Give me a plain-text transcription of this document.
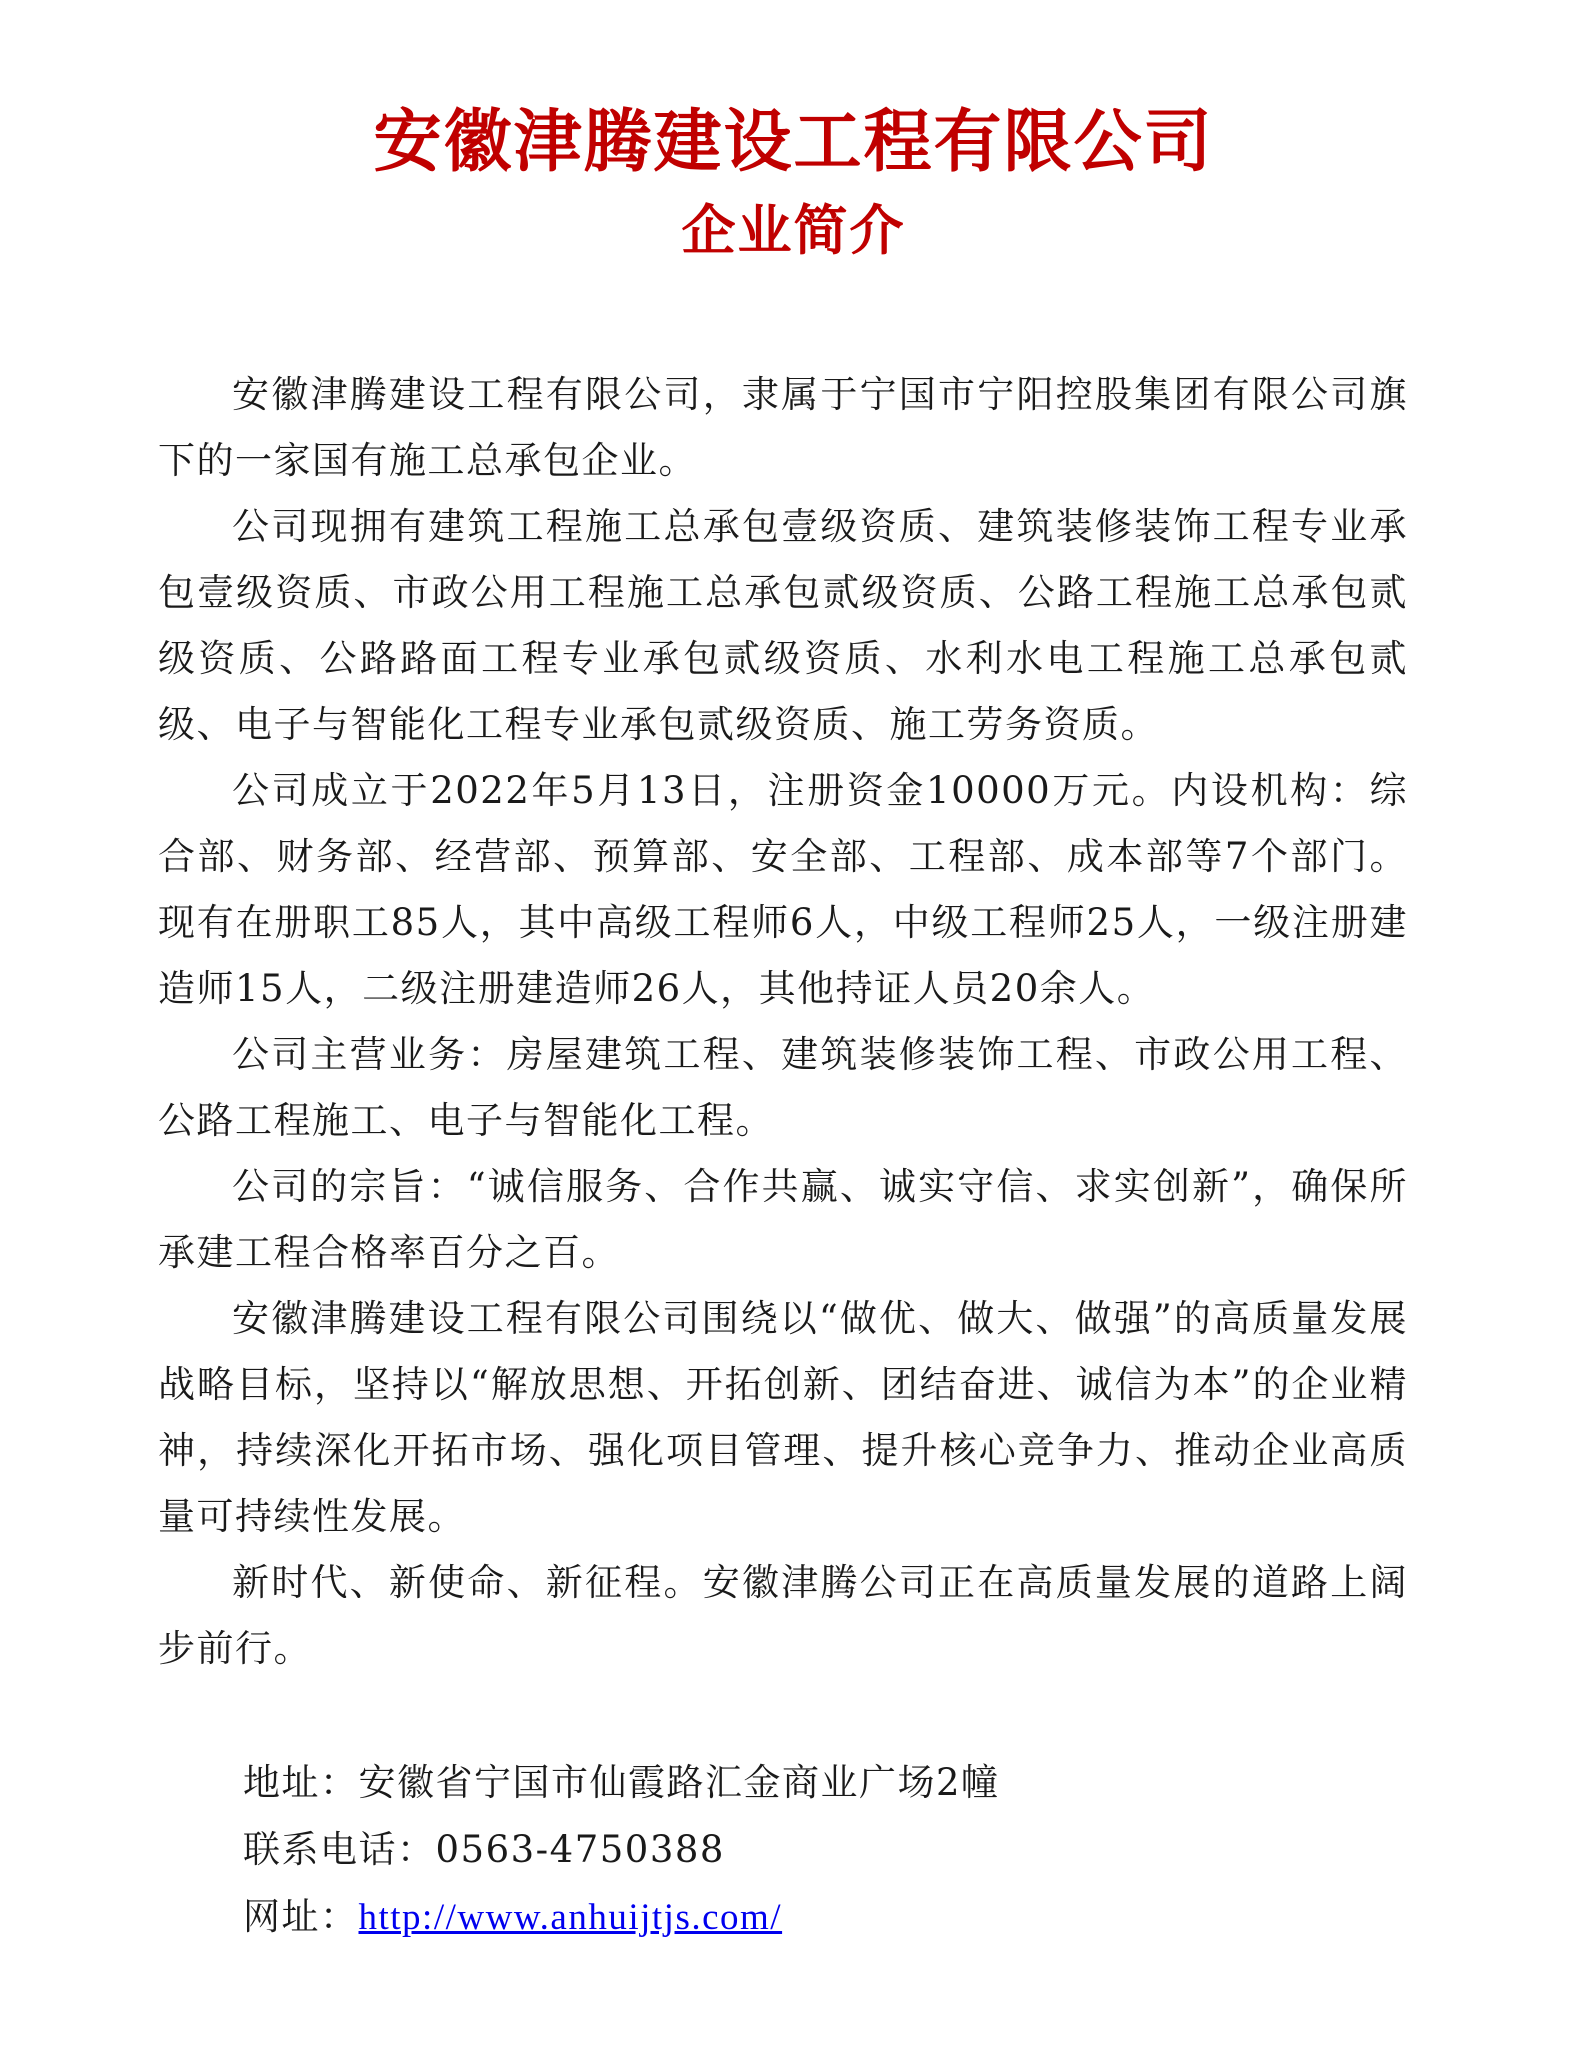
安徽津腾建设工程有限公司
企业简介

安徽津腾建设工程有限公司，隶属于宁国市宁阳控股集团有限公司旗下的一家国有施工总承包企业。

公司现拥有建筑工程施工总承包壹级资质、建筑装修装饰工程专业承包壹级资质、市政公用工程施工总承包贰级资质、公路工程施工总承包贰级资质、公路路面工程专业承包贰级资质、水利水电工程施工总承包贰级、电子与智能化工程专业承包贰级资质、施工劳务资质。

公司成立于2022年5月13日，注册资金10000万元。内设机构：综合部、财务部、经营部、预算部、安全部、工程部、成本部等7个部门。现有在册职工85人，其中高级工程师6人，中级工程师25人，一级注册建造师15人，二级注册建造师26人，其他持证人员20余人。

公司主营业务：房屋建筑工程、建筑装修装饰工程、市政公用工程、公路工程施工、电子与智能化工程。

公司的宗旨：“诚信服务、合作共赢、诚实守信、求实创新”，确保所承建工程合格率百分之百。

安徽津腾建设工程有限公司围绕以“做优、做大、做强”的高质量发展战略目标，坚持以“解放思想、开拓创新、团结奋进、诚信为本”的企业精神，持续深化开拓市场、强化项目管理、提升核心竞争力、推动企业高质量可持续性发展。

新时代、新使命、新征程。安徽津腾公司正在高质量发展的道路上阔步前行。

地址：安徽省宁国市仙霞路汇金商业广场2幢

联系电话：0563-4750388

网址：http://www.anhuijtjs.com/
